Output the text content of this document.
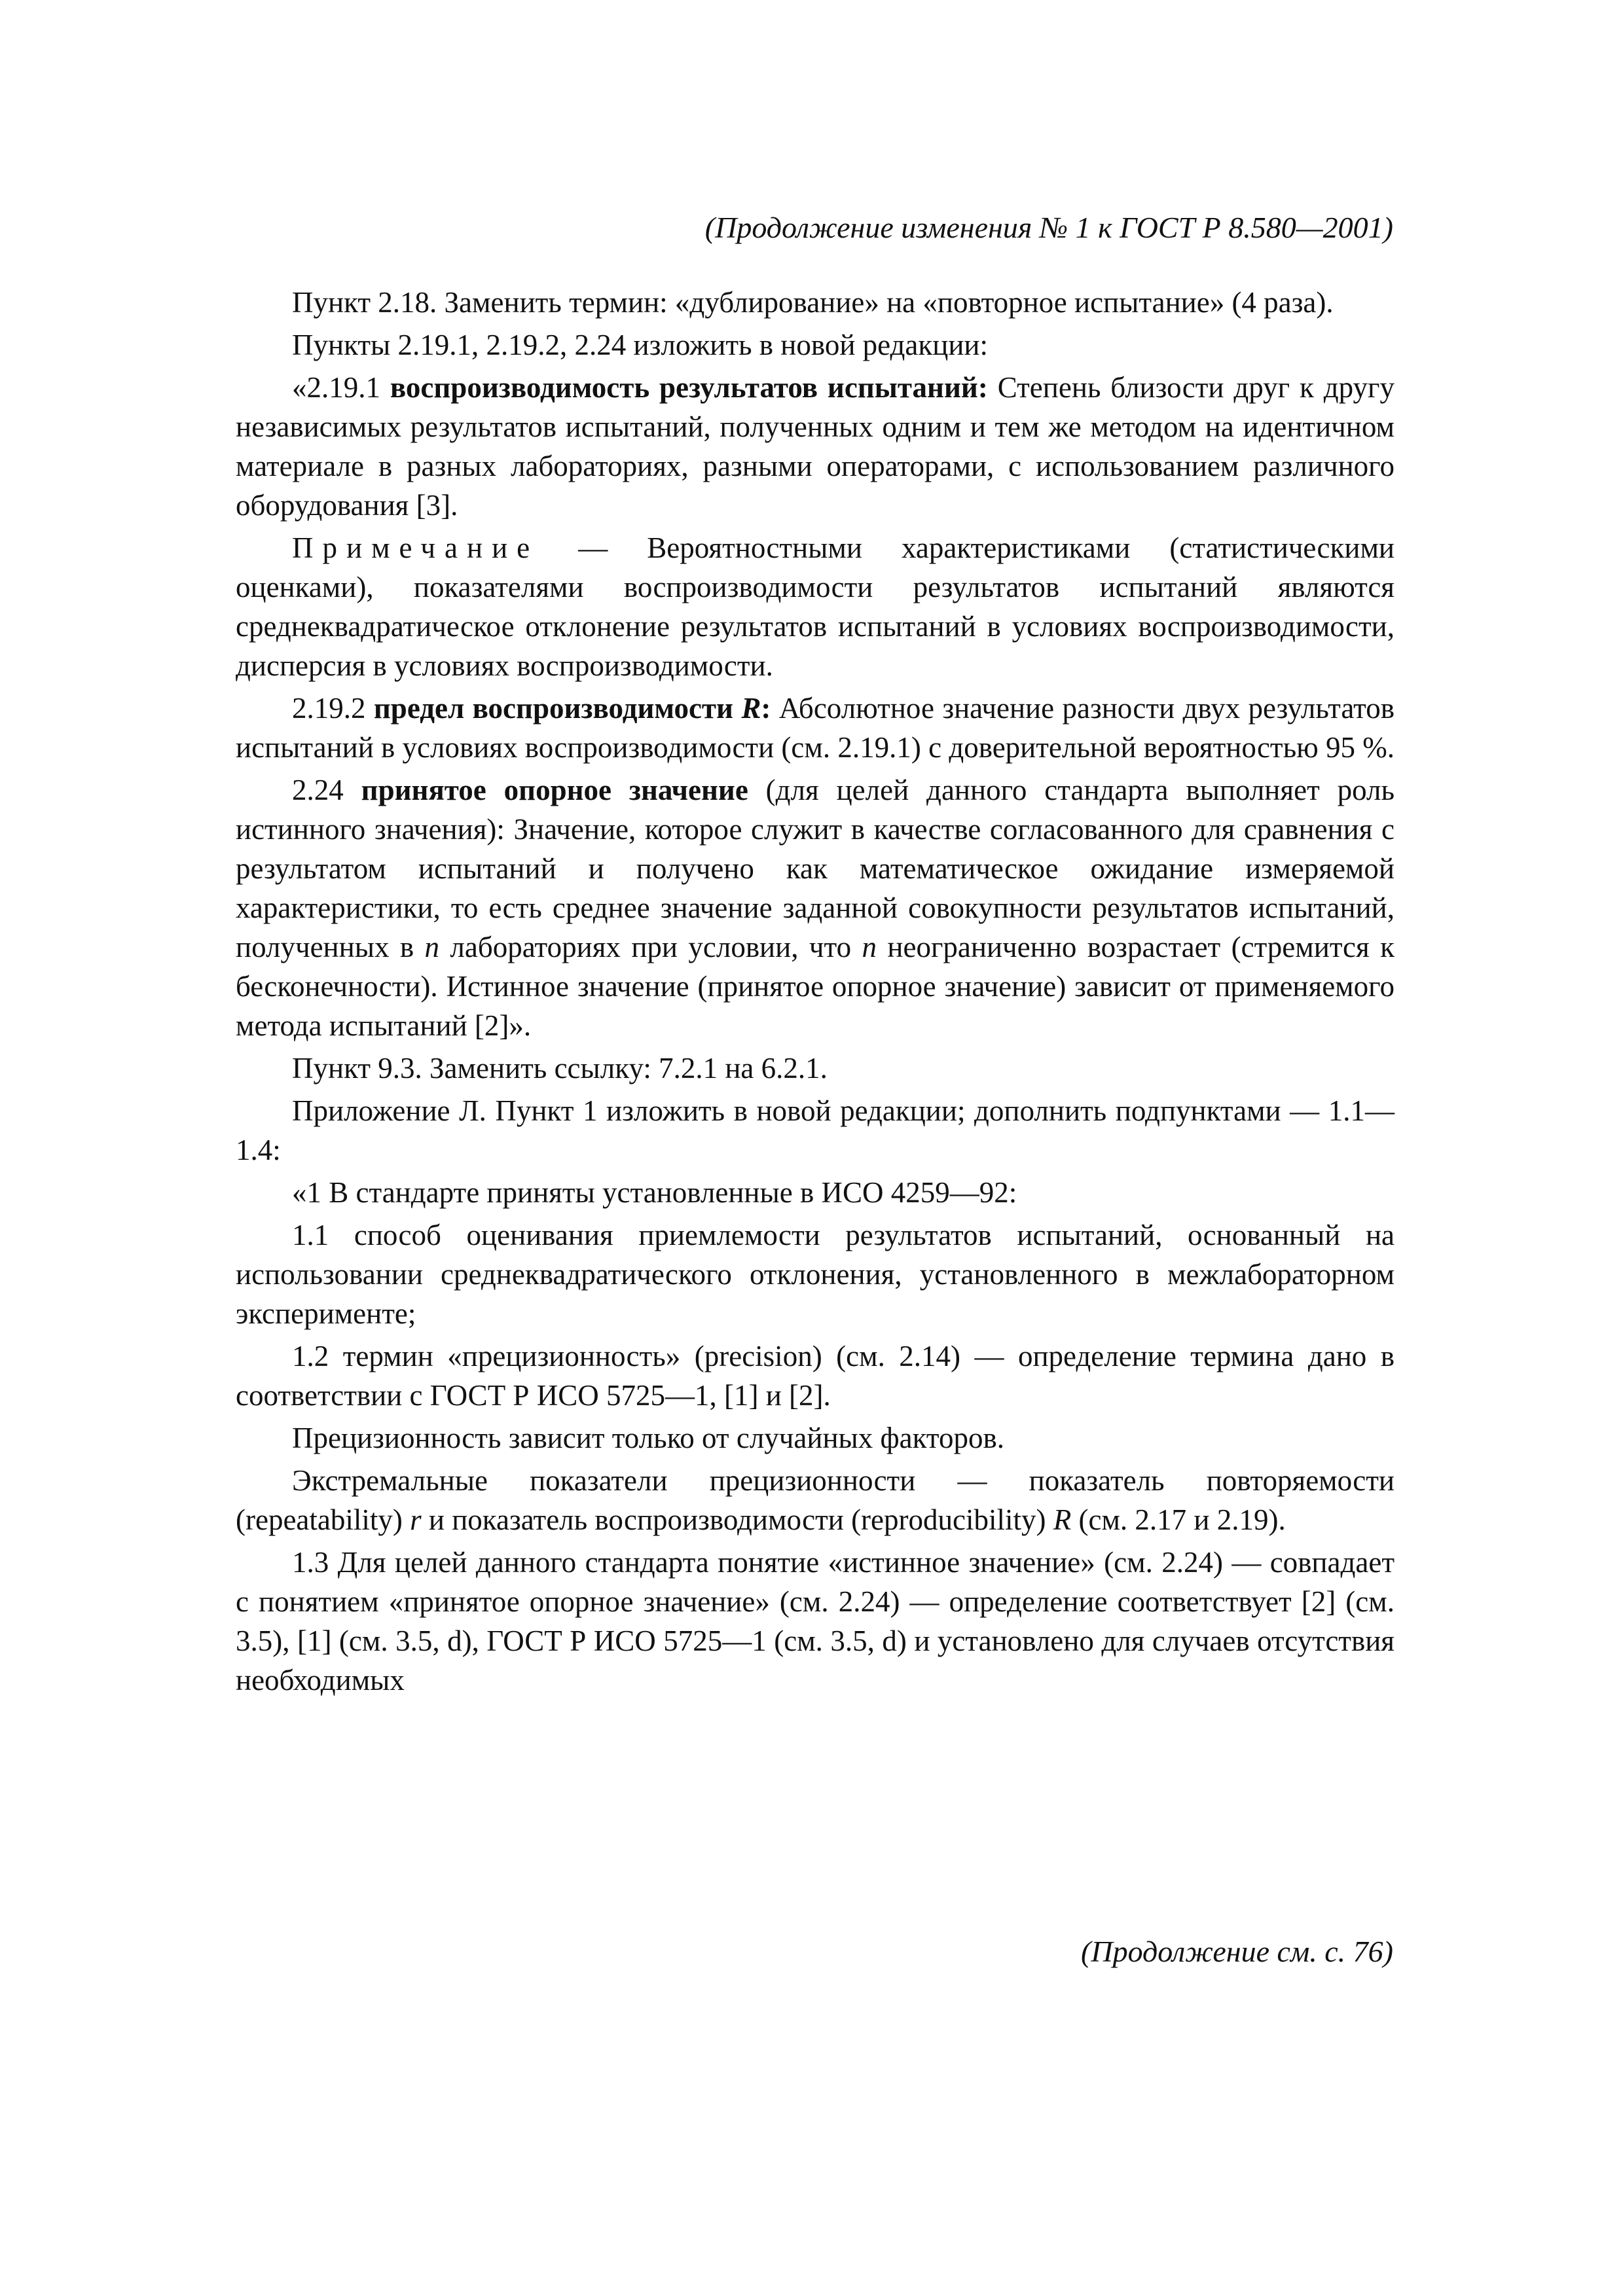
(Продолжение изменения № 1 к ГОСТ Р 8.580—2001)

Пункт 2.18. Заменить термин: «дублирование» на «повторное испытание» (4 раза).

Пункты 2.19.1, 2.19.2, 2.24 изложить в новой редакции:

«2.19.1 воспроизводимость результатов испытаний: Степень близости друг к другу независимых результатов испытаний, полученных одним и тем же методом на идентичном материале в разных лабораториях, разными операторами, с использованием различного оборудования [3].

Примечание — Вероятностными характеристиками (статистическими оценками), показателями воспроизводимости результатов испытаний являются среднеквадратическое отклонение результатов испытаний в условиях воспроизводимости, дисперсия в условиях воспроизводимости.

2.19.2 предел воспроизводимости R: Абсолютное значение разности двух результатов испытаний в условиях воспроизводимости (см. 2.19.1) с доверительной вероятностью 95 %.

2.24 принятое опорное значение (для целей данного стандарта выполняет роль истинного значения): Значение, которое служит в качестве согласованного для сравнения с результатом испытаний и получено как математическое ожидание измеряемой характеристики, то есть среднее значение заданной совокупности результатов испытаний, полученных в n лабораториях при условии, что n неограниченно возрастает (стремится к бесконечности). Истинное значение (принятое опорное значение) зависит от применяемого метода испытаний [2]».

Пункт 9.3. Заменить ссылку: 7.2.1 на 6.2.1.

Приложение Л. Пункт 1 изложить в новой редакции; дополнить подпунктами — 1.1—1.4:

«1 В стандарте приняты установленные в ИСО 4259—92:

1.1 способ оценивания приемлемости результатов испытаний, основанный на использовании среднеквадратического отклонения, установленного в межлабораторном эксперименте;

1.2 термин «прецизионность» (precision) (см. 2.14) — определение термина дано в соответствии с ГОСТ Р ИСО 5725—1, [1] и [2].

Прецизионность зависит только от случайных факторов.

Экстремальные показатели прецизионности — показатель повторяемости (repeatability) r и показатель воспроизводимости (reproducibility) R (см. 2.17 и 2.19).

1.3 Для целей данного стандарта понятие «истинное значение» (см. 2.24) — совпадает с понятием «принятое опорное значение» (см. 2.24) — определение соответствует [2] (см. 3.5), [1] (см. 3.5, d), ГОСТ Р ИСО 5725—1 (см. 3.5, d) и установлено для случаев отсутствия необходимых

(Продолжение см. с. 76)
